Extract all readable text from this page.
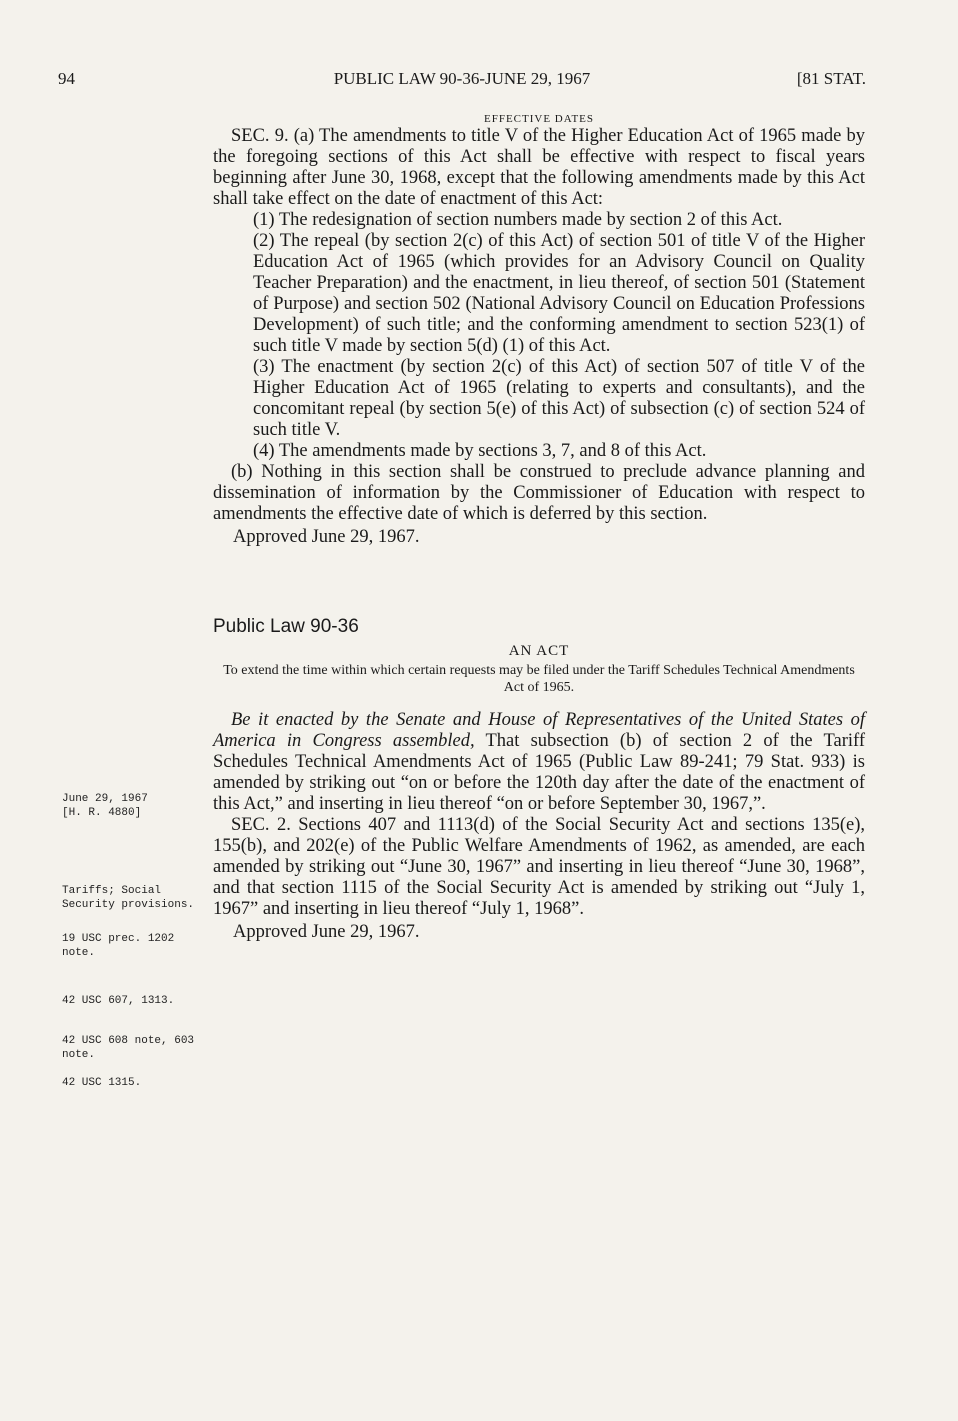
94	PUBLIC LAW 90-36-JUNE 29, 1967	[81 STAT.

EFFECTIVE DATES

SEC. 9. (a) The amendments to title V of the Higher Education Act of 1965 made by the foregoing sections of this Act shall be effective with respect to fiscal years beginning after June 30, 1968, except that the following amendments made by this Act shall take effect on the date of enactment of this Act:

(1) The redesignation of section numbers made by section 2 of this Act.

(2) The repeal (by section 2(c) of this Act) of section 501 of title V of the Higher Education Act of 1965 (which provides for an Advisory Council on Quality Teacher Preparation) and the enactment, in lieu thereof, of section 501 (Statement of Purpose) and section 502 (National Advisory Council on Education Professions Development) of such title; and the conforming amendment to section 523(1) of such title V made by section 5(d) (1) of this Act.

(3) The enactment (by section 2(c) of this Act) of section 507 of title V of the Higher Education Act of 1965 (relating to experts and consultants), and the concomitant repeal (by section 5(e) of this Act) of subsection (c) of section 524 of such title V.

(4) The amendments made by sections 3, 7, and 8 of this Act.

(b) Nothing in this section shall be construed to preclude advance planning and dissemination of information by the Commissioner of Education with respect to amendments the effective date of which is deferred by this section.

Approved June 29, 1967.

Public Law 90-36

AN ACT

To extend the time within which certain requests may be filed under the Tariff Schedules Technical Amendments Act of 1965.

Be it enacted by the Senate and House of Representatives of the United States of America in Congress assembled, That subsection (b) of section 2 of the Tariff Schedules Technical Amendments Act of 1965 (Public Law 89-241; 79 Stat. 933) is amended by striking out “on or before the 120th day after the date of the enactment of this Act,” and inserting in lieu thereof “on or before September 30, 1967,”.

SEC. 2. Sections 407 and 1113(d) of the Social Security Act and sections 135(e), 155(b), and 202(e) of the Public Welfare Amendments of 1962, as amended, are each amended by striking out “June 30, 1967” and inserting in lieu thereof “June 30, 1968”, and that section 1115 of the Social Security Act is amended by striking out “July 1, 1967” and inserting in lieu thereof “July 1, 1968”.

Approved June 29, 1967.

June 29, 1967
[H. R. 4880]
Tariffs; Social Security provisions.
19 USC prec. 1202 note.
42 USC 607, 1313.
42 USC 608 note, 603 note.
42 USC 1315.
